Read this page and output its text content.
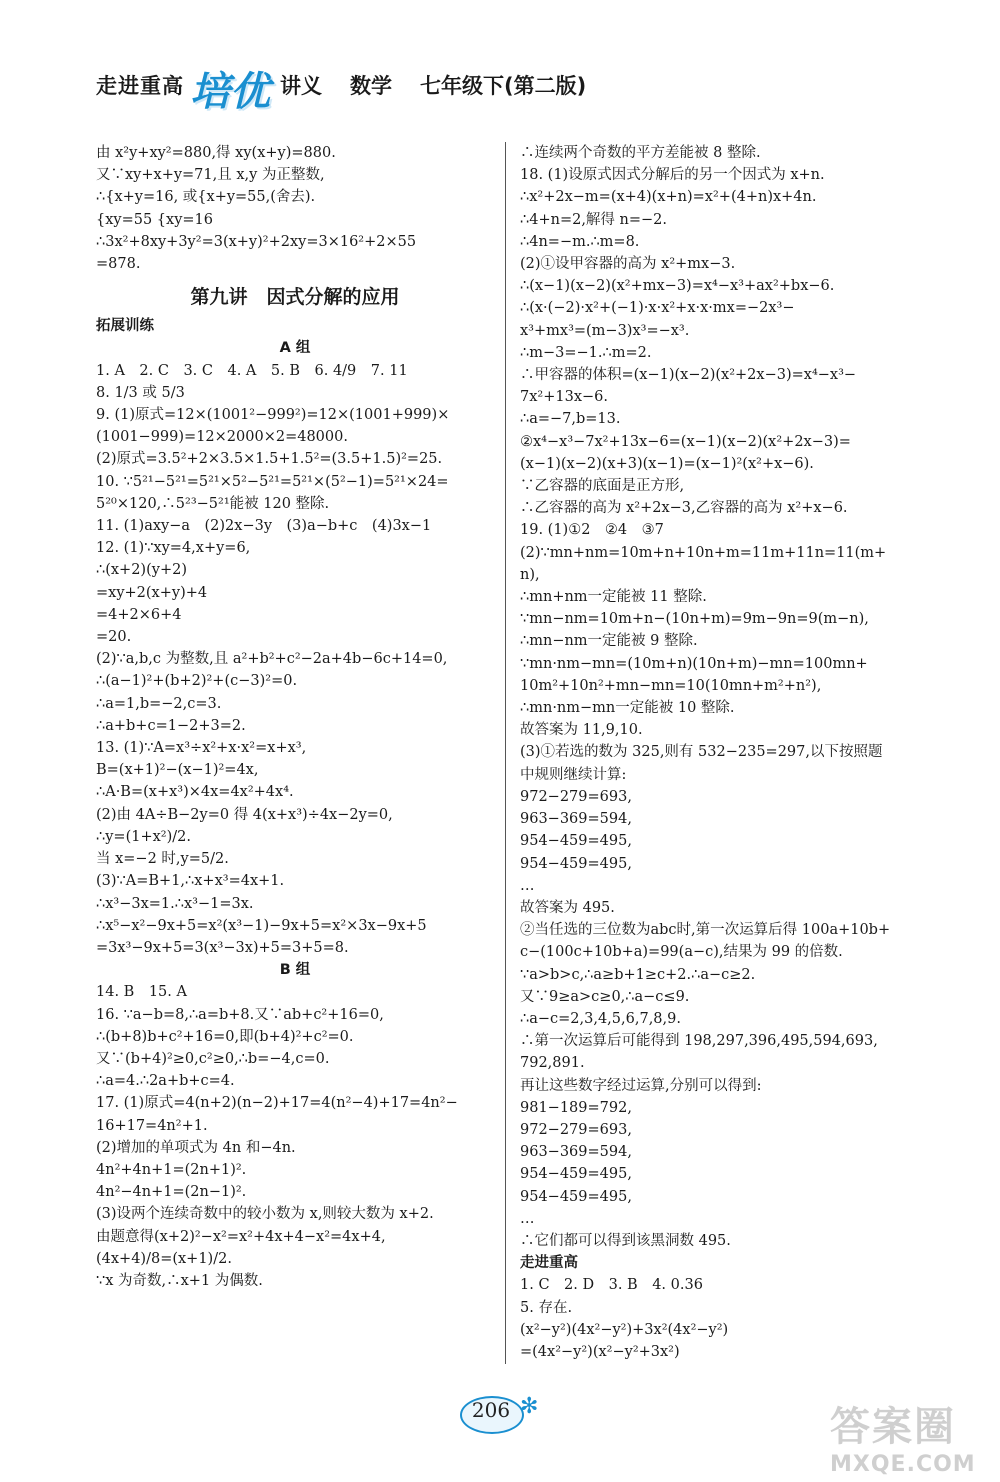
走进重高 培优 讲义 数学 七年级下(第二版)
由 x²y+xy²=880,得 xy(x+y)=880.
又∵xy+x+y=71,且 x,y 为正整数,
∴{x+y=16, 或{x+y=55,(舍去).
{xy=55 {xy=16
∴3x²+8xy+3y²=3(x+y)²+2xy=3×16²+2×55
=878.
第九讲　因式分解的应用
拓展训练
A 组
1. A　2. C　3. C　4. A　5. B　6. 4/9　7. 11
8. 1/3 或 5/3
9. (1)原式=12×(1001²−999²)=12×(1001+999)×
(1001−999)=12×2000×2=48000.
(2)原式=3.5²+2×3.5×1.5+1.5²=(3.5+1.5)²=25.
10. ∵5²¹−5²¹=5²¹×5²−5²¹=5²¹×(5²−1)=5²¹×24=
5²⁰×120,∴5²³−5²¹能被 120 整除.
11. (1)axy−a　(2)2x−3y　(3)a−b+c　(4)3x−1
12. (1)∵xy=4,x+y=6,
∴(x+2)(y+2)
=xy+2(x+y)+4
=4+2×6+4
=20.
(2)∵a,b,c 为整数,且 a²+b²+c²−2a+4b−6c+14=0,
∴(a−1)²+(b+2)²+(c−3)²=0.
∴a=1,b=−2,c=3.
∴a+b+c=1−2+3=2.
13. (1)∵A=x³÷x²+x·x²=x+x³,
B=(x+1)²−(x−1)²=4x,
∴A·B=(x+x³)×4x=4x²+4x⁴.
(2)由 4A÷B−2y=0 得 4(x+x³)÷4x−2y=0,
∴y=(1+x²)/2.
当 x=−2 时,y=5/2.
(3)∵A=B+1,∴x+x³=4x+1.
∴x³−3x=1.∴x³−1=3x.
∴x⁵−x²−9x+5=x²(x³−1)−9x+5=x²×3x−9x+5
=3x³−9x+5=3(x³−3x)+5=3+5=8.
B 组
14. B　15. A
16. ∵a−b=8,∴a=b+8.又∵ab+c²+16=0,
∴(b+8)b+c²+16=0,即(b+4)²+c²=0.
又∵(b+4)²≥0,c²≥0,∴b=−4,c=0.
∴a=4.∴2a+b+c=4.
17. (1)原式=4(n+2)(n−2)+17=4(n²−4)+17=4n²−
16+17=4n²+1.
(2)增加的单项式为 4n 和−4n.
4n²+4n+1=(2n+1)².
4n²−4n+1=(2n−1)².
(3)设两个连续奇数中的较小数为 x,则较大数为 x+2.
由题意得(x+2)²−x²=x²+4x+4−x²=4x+4,
(4x+4)/8=(x+1)/2.
∵x 为奇数,∴x+1 为偶数.
∴连续两个奇数的平方差能被 8 整除.
18. (1)设原式因式分解后的另一个因式为 x+n.
∴x²+2x−m=(x+4)(x+n)=x²+(4+n)x+4n.
∴4+n=2,解得 n=−2.
∴4n=−m.∴m=8.
(2)①设甲容器的高为 x²+mx−3.
∴(x−1)(x−2)(x²+mx−3)=x⁴−x³+ax²+bx−6.
∴(x·(−2)·x²+(−1)·x·x²+x·x·mx=−2x³−
x³+mx³=(m−3)x³=−x³.
∴m−3=−1.∴m=2.
∴甲容器的体积=(x−1)(x−2)(x²+2x−3)=x⁴−x³−
7x²+13x−6.
∴a=−7,b=13.
②x⁴−x³−7x²+13x−6=(x−1)(x−2)(x²+2x−3)=
(x−1)(x−2)(x+3)(x−1)=(x−1)²(x²+x−6).
∵乙容器的底面是正方形,
∴乙容器的高为 x²+2x−3,乙容器的高为 x²+x−6.
19. (1)①2　②4　③7
(2)∵mn+nm=10m+n+10n+m=11m+11n=11(m+
n),
∴mn+nm一定能被 11 整除.
∵mn−nm=10m+n−(10n+m)=9m−9n=9(m−n),
∴mn−nm一定能被 9 整除.
∵mn·nm−mn=(10m+n)(10n+m)−mn=100mn+
10m²+10n²+mn−mn=10(10mn+m²+n²),
∴mn·nm−mn一定能被 10 整除.
故答案为 11,9,10.
(3)①若选的数为 325,则有 532−235=297,以下按照题
中规则继续计算:
972−279=693,
963−369=594,
954−459=495,
954−459=495,
…
故答案为 495.
②当任选的三位数为abc时,第一次运算后得 100a+10b+
c−(100c+10b+a)=99(a−c),结果为 99 的倍数.
∵a>b>c,∴a≥b+1≥c+2.∴a−c≥2.
又∵9≥a>c≥0,∴a−c≤9.
∴a−c=2,3,4,5,6,7,8,9.
∴第一次运算后可能得到 198,297,396,495,594,693,
792,891.
再让这些数字经过运算,分别可以得到:
981−189=792,
972−279=693,
963−369=594,
954−459=495,
954−459=495,
…
∴它们都可以得到该黑洞数 495.
走进重高
1. C　2. D　3. B　4. 0.36
5. 存在.
(x²−y²)(4x²−y²)+3x²(4x²−y²)
=(4x²−y²)(x²−y²+3x²)
206 ✻	答案圈
MXQE.COM
